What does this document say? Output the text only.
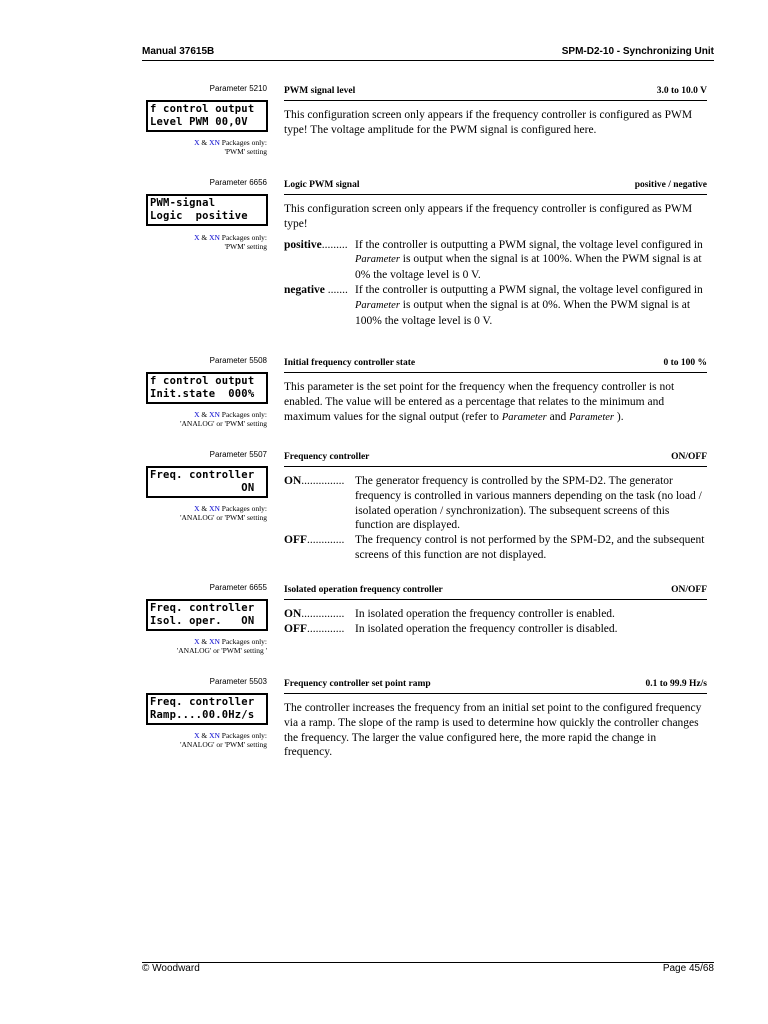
Manual 37615B	SPM-D2-10 - Synchronizing Unit
Parameter 5210
f control output
Level PWM 00,0V
X & XN Packages only:
'PWM' setting
PWM signal level	3.0 to 10.0 V

This configuration screen only appears if the frequency controller is configured as PWM type! The voltage amplitude for the PWM signal is configured here.

Parameter 6656
PWM-signal
Logic  positive
X & XN Packages only:
'PWM' setting
Logic PWM signal	positive / negative

This configuration screen only appears if the frequency controller is configured as PWM type!

positive......... If the controller is outputting a PWM signal, the voltage level configured in Parameter is output when the signal is at 100%. When the PWM signal is at 0% the voltage level is 0 V.
negative ....... If the controller is outputting a PWM signal, the voltage level configured in Parameter is output when the signal is at 0%. When the PWM signal is at 100% the voltage level is 0 V.
Parameter 5508
f control output
Init.state  000%
X & XN Packages only:
'ANALOG' or 'PWM' setting
Initial frequency controller state	0 to 100 %

This parameter is the set point for the frequency when the frequency controller is not enabled. The value will be entered as a percentage that relates to the minimum and maximum values for the signal output (refer to Parameter and Parameter ).

Parameter 5507
Freq. controller
ON
X & XN Packages only:
'ANALOG' or 'PWM' setting
Frequency controller	ON/OFF
ON............... The generator frequency is controlled by the SPM-D2. The generator frequency is controlled in various manners depending on the task (no load / isolated operation / synchronization). The subsequent screens of this function are displayed.
OFF............. The frequency control is not performed by the SPM-D2, and the subsequent screens of this function are not displayed.
Parameter 6655
Freq. controller
Isol. oper.   ON
X & XN Packages only:
'ANALOG' or 'PWM' setting '
Isolated operation frequency controller	ON/OFF
ON............... In isolated operation the frequency controller is enabled.
OFF............. In isolated operation the frequency controller is disabled.
Parameter 5503
Freq. controller
Ramp....00.0Hz/s
X & XN Packages only:
'ANALOG' or 'PWM' setting
Frequency controller set point ramp	0.1 to 99.9 Hz/s

The controller increases the frequency from an initial set point to the configured frequency via a ramp. The slope of the ramp is used to determine how quickly the controller changes the frequency. The larger the value configured here, the more rapid the change in frequency.

© Woodward	Page 45/68
